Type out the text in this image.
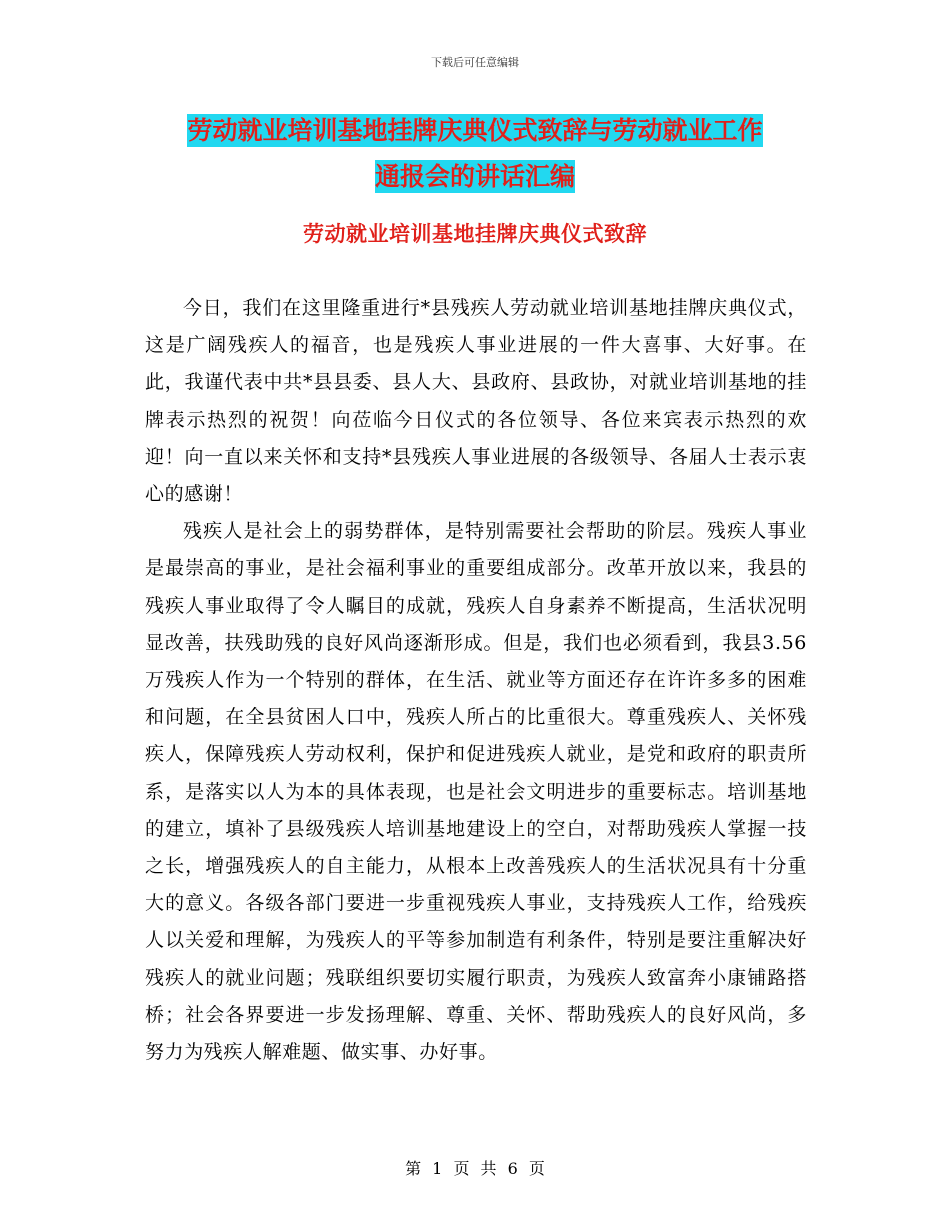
下载后可任意编辑
劳动就业培训基地挂牌庆典仪式致辞与劳动就业工作
通报会的讲话汇编
劳动就业培训基地挂牌庆典仪式致辞

今日，我们在这里隆重进行*县残疾人劳动就业培训基地挂牌庆典仪式，这是广阔残疾人的福音，也是残疾人事业进展的一件大喜事、大好事。在此，我谨代表中共*县县委、县人大、县政府、县政协，对就业培训基地的挂牌表示热烈的祝贺！向莅临今日仪式的各位领导、各位来宾表示热烈的欢迎！向一直以来关怀和支持*县残疾人事业进展的各级领导、各届人士表示衷心的感谢！

残疾人是社会上的弱势群体，是特别需要社会帮助的阶层。残疾人事业是最崇高的事业，是社会福利事业的重要组成部分。改革开放以来，我县的残疾人事业取得了令人瞩目的成就，残疾人自身素养不断提高，生活状况明显改善，扶残助残的良好风尚逐渐形成。但是，我们也必须看到，我县3.56万残疾人作为一个特别的群体，在生活、就业等方面还存在许许多多的困难和问题，在全县贫困人口中，残疾人所占的比重很大。尊重残疾人、关怀残疾人，保障残疾人劳动权利，保护和促进残疾人就业，是党和政府的职责所系，是落实以人为本的具体表现，也是社会文明进步的重要标志。培训基地的建立，填补了县级残疾人培训基地建设上的空白，对帮助残疾人掌握一技之长，增强残疾人的自主能力，从根本上改善残疾人的生活状况具有十分重大的意义。各级各部门要进一步重视残疾人事业，支持残疾人工作，给残疾人以关爱和理解，为残疾人的平等参加制造有利条件，特别是要注重解决好残疾人的就业问题；残联组织要切实履行职责，为残疾人致富奔小康铺路搭桥；社会各界要进一步发扬理解、尊重、关怀、帮助残疾人的良好风尚，多努力为残疾人解难题、做实事、办好事。

第 1 页 共 6 页
